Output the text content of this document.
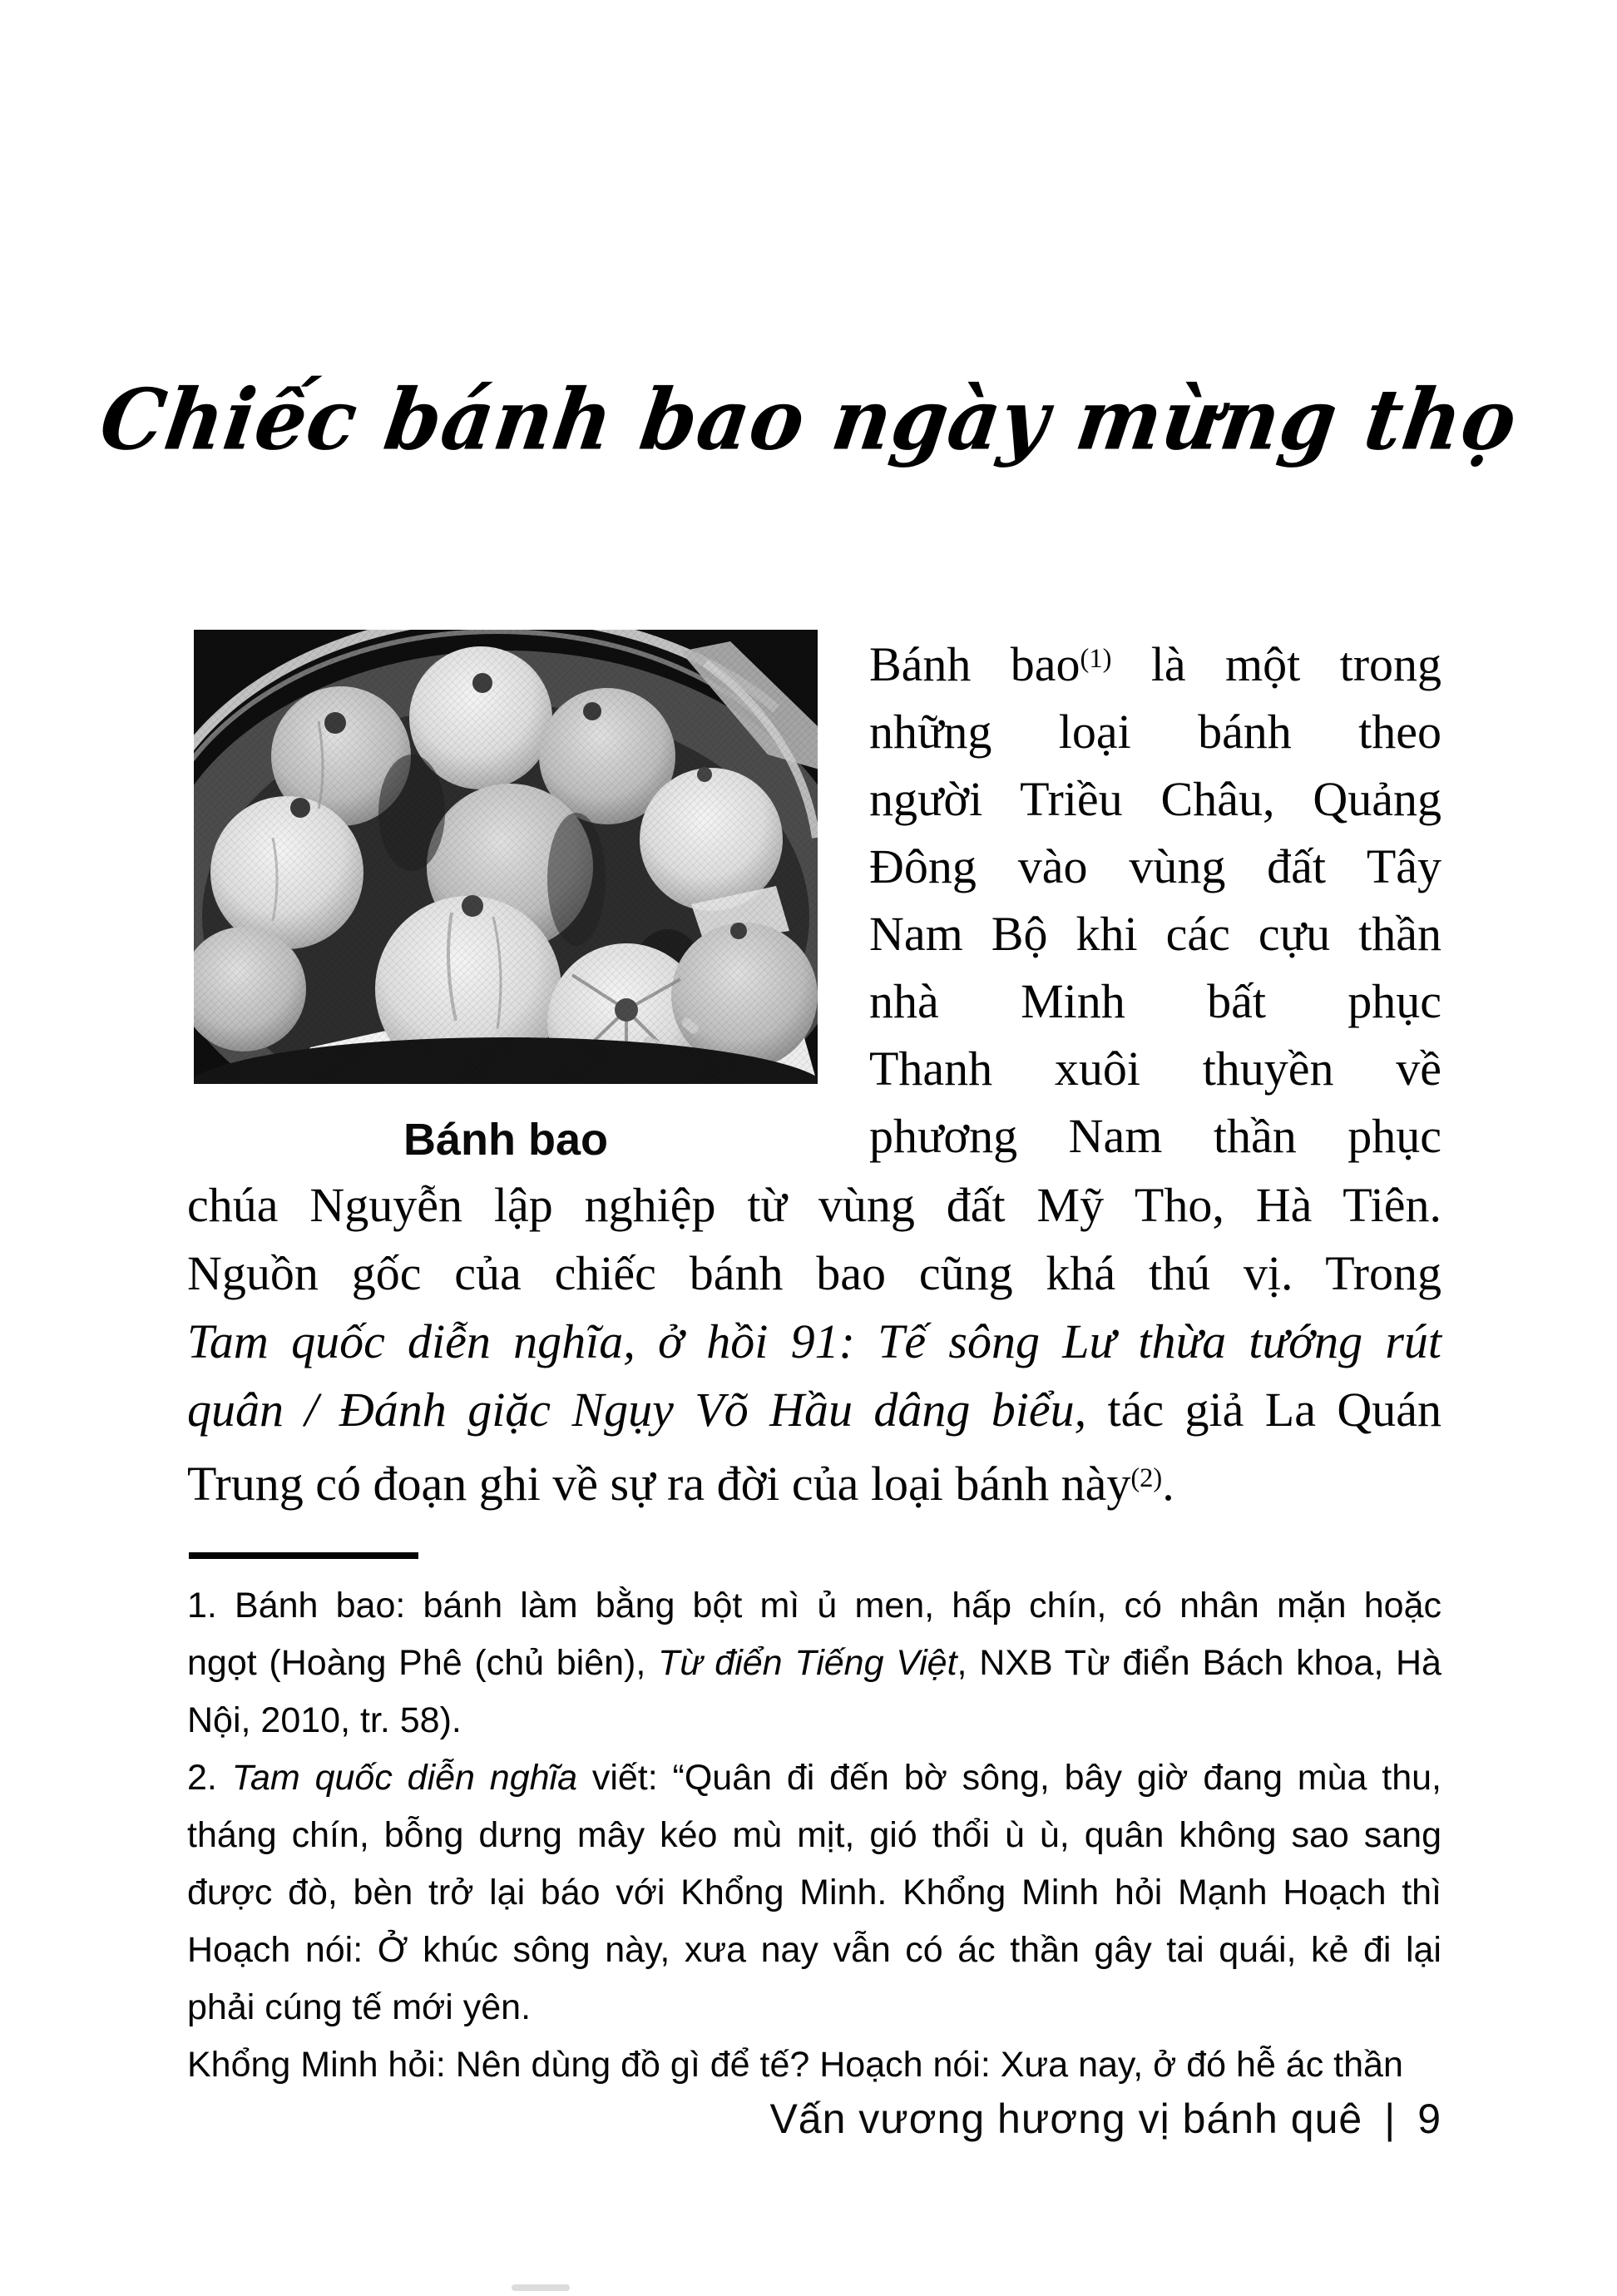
Chiếc bánh bao ngày mừng thọ
Bánh bao
Bánh bao$^{(1)}$ là một trong
những loại bánh theo
người Triều Châu, Quảng
Đông vào vùng đất Tây
Nam Bộ khi các cựu thần
nhà Minh bất phục
Thanh xuôi thuyền về
phương Nam thần phục
chúa Nguyễn lập nghiệp từ vùng đất Mỹ Tho, Hà Tiên.
Nguồn gốc của chiếc bánh bao cũng khá thú vị. Trong
Tam quốc diễn nghĩa, ở hồi 91: Tế sông Lư thừa tướng rút
quân / Đánh giặc Ngụy Võ Hầu dâng biểu, tác giả La Quán
Trung có đoạn ghi về sự ra đời của loại bánh này$^{(2)}$.
1. Bánh bao: bánh làm bằng bột mì ủ men, hấp chín, có nhân mặn hoặc
ngọt (Hoàng Phê (chủ biên), Từ điển Tiếng Việt, NXB Từ điển Bách khoa, Hà
Nội, 2010, tr. 58).
2. Tam quốc diễn nghĩa viết: “Quân đi đến bờ sông, bây giờ đang mùa thu,
tháng chín, bỗng dưng mây kéo mù mịt, gió thổi ù ù, quân không sao sang
được đò, bèn trở lại báo với Khổng Minh. Khổng Minh hỏi Mạnh Hoạch thì
Hoạch nói: Ở khúc sông này, xưa nay vẫn có ác thần gây tai quái, kẻ đi lại
phải cúng tế mới yên.
Khổng Minh hỏi: Nên dùng đồ gì để tế? Hoạch nói: Xưa nay, ở đó hễ ác thần
Vấn vương hương vị bánh quê | 9
